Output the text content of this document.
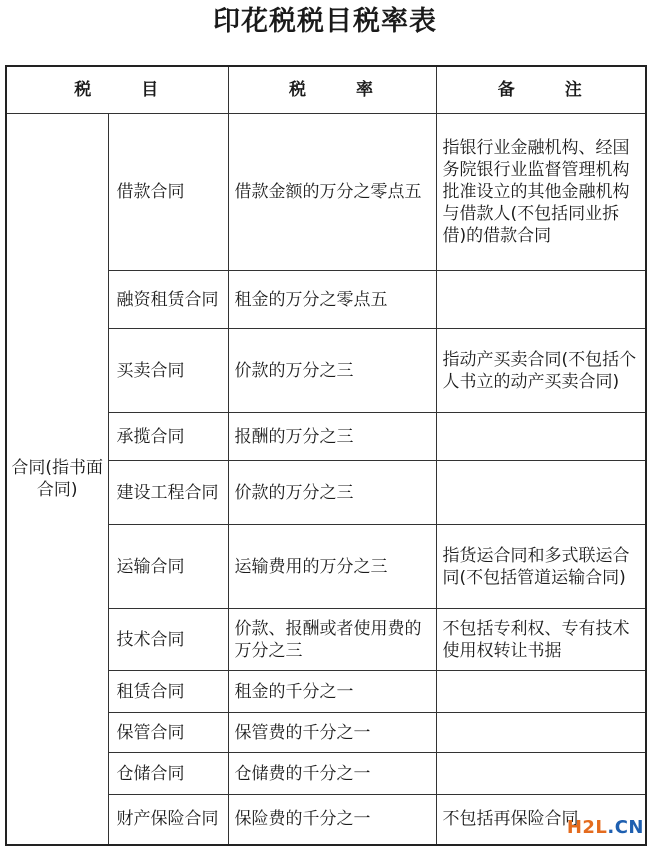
印花税税目税率表
税 目		税 率	备 注
合同(指书面合同)	借款合同	借款金额的万分之零点五	指银行业金融机构、经国务院银行业监督管理机构批准设立的其他金融机构与借款人(不包括同业拆借)的借款合同
	融资租赁合同	租金的万分之零点五	
	买卖合同	价款的万分之三	指动产买卖合同(不包括个人书立的动产买卖合同)
	承揽合同	报酬的万分之三	
	建设工程合同	价款的万分之三	
	运输合同	运输费用的万分之三	指货运合同和多式联运合同(不包括管道运输合同)
	技术合同	价款、报酬或者使用费的万分之三	不包括专利权、专有技术使用权转让书据
	租赁合同	租金的千分之一	
	保管合同	保管费的千分之一	
	仓储合同	仓储费的千分之一	
	财产保险合同	保险费的千分之一	不包括再保险合同
H2L.CN
